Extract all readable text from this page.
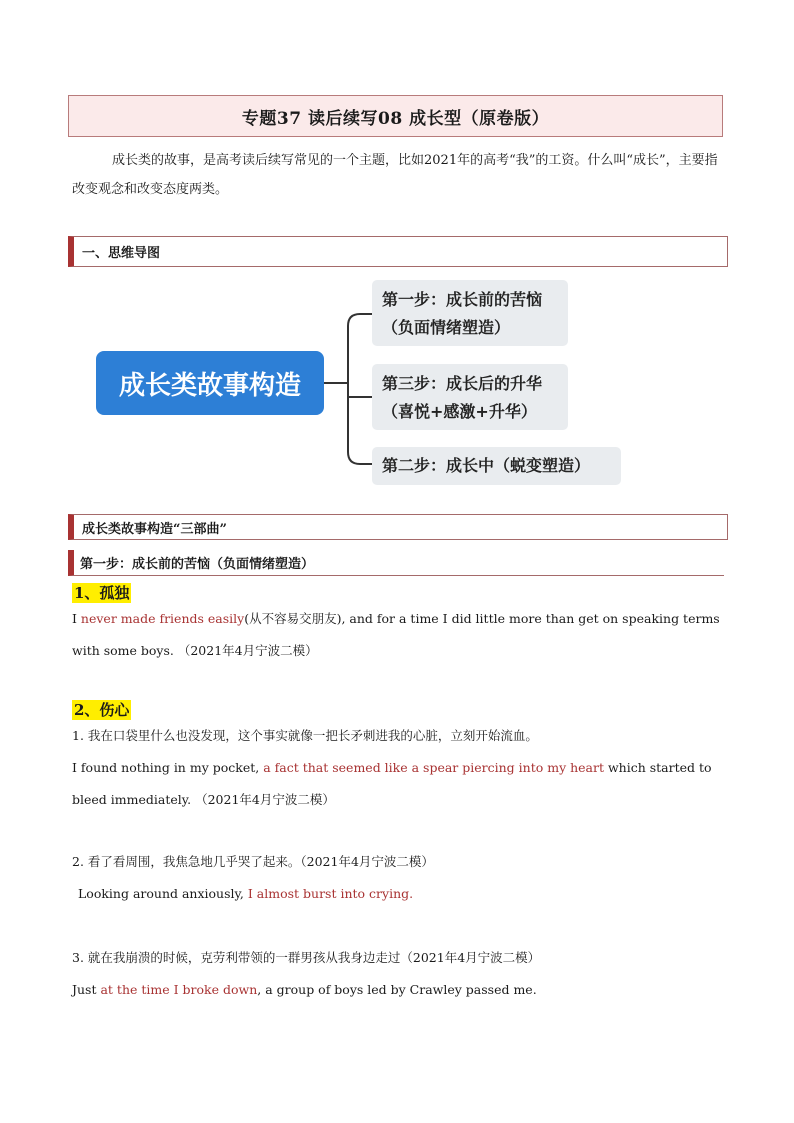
专题37 读后续写08 成长型（原卷版）
成长类的故事，是高考读后续写常见的一个主题，比如2021年的高考“我”的工资。什么叫“成长”，主要指改变观念和改变态度两类。
一、思维导图
成长类故事构造
第一步：成长前的苦恼
（负面情绪塑造）
第三步：成长后的升华
（喜悦+感激+升华）
第二步：成长中（蜕变塑造）
成长类故事构造“三部曲”
第一步：成长前的苦恼（负面情绪塑造）
1、孤独
I never made friends easily(从不容易交朋友), and for a time I did little more than get on speaking terms with some boys. （2021年4月宁波二模）
2、伤心
1. 我在口袋里什么也没发现，这个事实就像一把长矛刺进我的心脏，立刻开始流血。
I found nothing in my pocket, a fact that seemed like a spear piercing into my heart which started to bleed immediately. （2021年4月宁波二模）
2. 看了看周围，我焦急地几乎哭了起来。（2021年4月宁波二模）
Looking around anxiously, I almost burst into crying.
3. 就在我崩溃的时候，克劳利带领的一群男孩从我身边走过（2021年4月宁波二模）
Just at the time I broke down, a group of boys led by Crawley passed me.
